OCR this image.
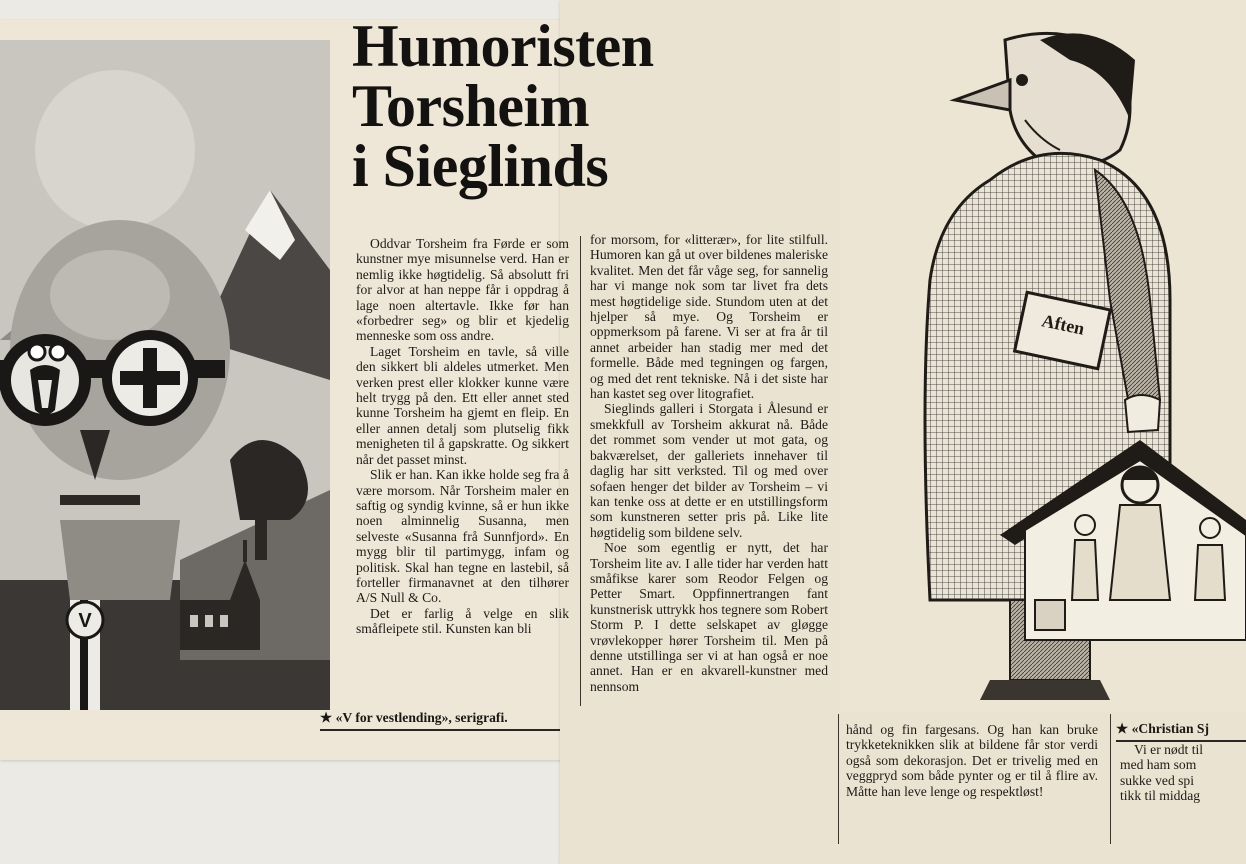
V
Humoristen
Torsheim
i Sieglinds

Oddvar Torsheim fra Førde er som kunstner mye misunnelse verd. Han er nemlig ikke høgtidelig. Så absolutt fri for alvor at han neppe får i oppdrag å lage noen altertavle. Ikke før han «forbedrer seg» og blir et kjedelig menneske som oss andre.

Laget Torsheim en tavle, så ville den sikkert bli aldeles utmerket. Men verken prest eller klokker kunne være helt trygg på den. Ett eller annet sted kunne Torsheim ha gjemt en fleip. En eller annen detalj som plutselig fikk menigheten til å gapskratte. Og sikkert når det passet minst.

Slik er han. Kan ikke holde seg fra å være morsom. Når Torsheim maler en saftig og syndig kvinne, så er hun ikke noen alminnelig Susanna, men selveste «Susanna frå Sunnfjord». En mygg blir til partimygg, infam og politisk. Skal han tegne en lastebil, så forteller firmanavnet at den tilhører A/S Null & Co.

Det er farlig å velge en slik småfleipete stil. Kunsten kan bli

for morsom, for «litterær», for lite stilfull. Humoren kan gå ut over bildenes maleriske kvalitet. Men det får våge seg, for sannelig har vi mange nok som tar livet fra dets mest høgtidelige side. Stundom uten at det hjelper så mye. Og Torsheim er oppmerksom på farene. Vi ser at fra år til annet arbeider han stadig mer med det formelle. Både med tegningen og fargen, og med det rent tekniske. Nå i det siste har han kastet seg over litografiet.

Sieglinds galleri i Storgata i Ålesund er smekkfull av Torsheim akkurat nå. Både det rommet som vender ut mot gata, og bakværelset, der galleriets innehaver til daglig har sitt verksted. Til og med over sofaen henger det bilder av Torsheim – vi kan tenke oss at dette er en utstillingsform som kunstneren setter pris på. Like lite høgtidelig som bildene selv.

Noe som egentlig er nytt, det har Torsheim lite av. I alle tider har verden hatt småfikse karer som Reodor Felgen og Petter Smart. Oppfinnertrangen fant kunstnerisk uttrykk hos tegnere som Robert Storm P. I dette selskapet av gløgge vrøvlekopper hører Torsheim til. Men på denne utstillinga ser vi at han også er noe annet. Han er en akvarell-kunstner med nennsom

Aften
★ «V for vestlending», serigrafi.
★ «Christian Sj

hånd og fin fargesans. Og han kan bruke trykketeknikken slik at bildene får stor verdi også som dekorasjon. Det er trivelig med en veggpryd som både pynter og er til å flire av. Måtte han leve lenge og respektløst!

Vi er nødt til

med ham som

sukke ved spi

tikk til middag
